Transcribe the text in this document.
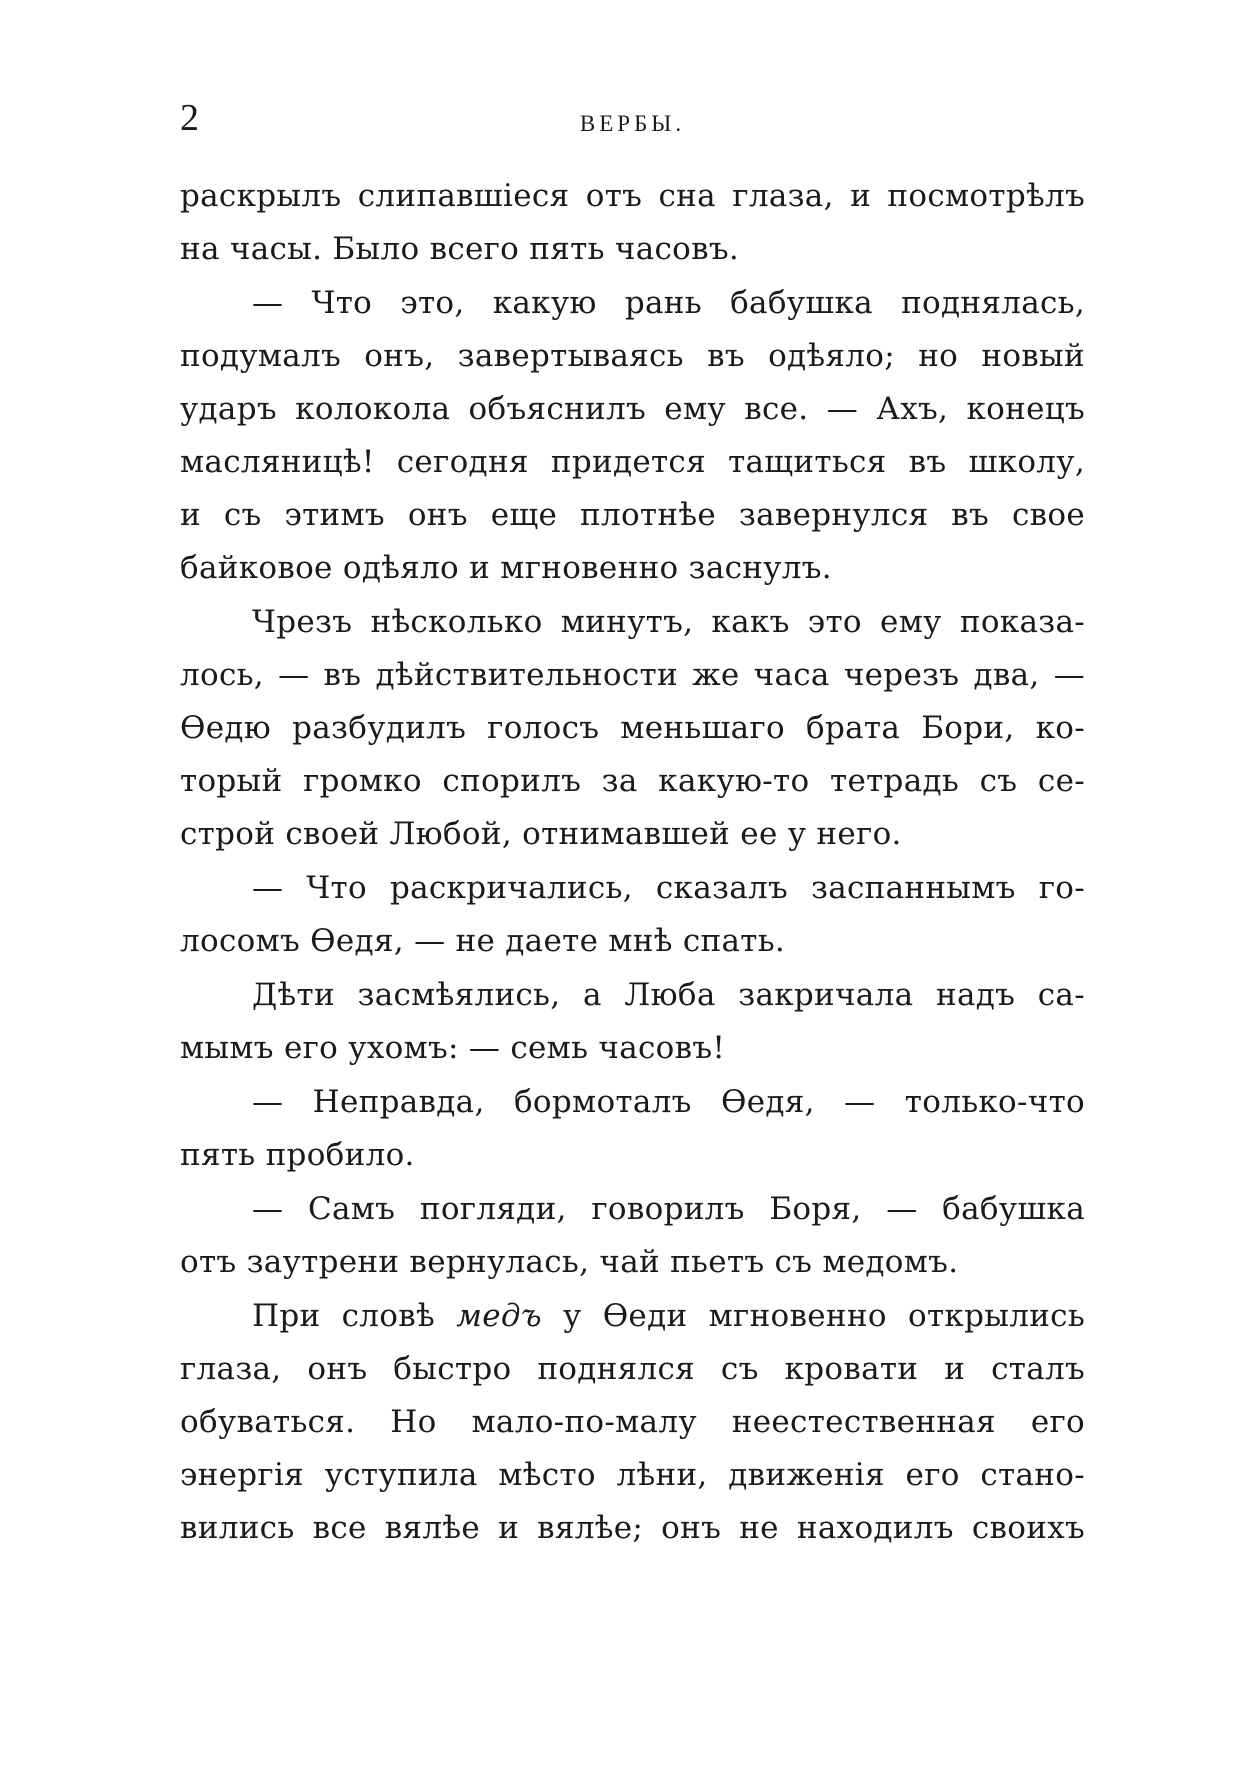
2	ВЕРБЫ.

раскрылъ слипавшіеся отъ сна глаза, и посмотрѣлъ
на часы. Было всего пять часовъ.

— Что это, какую рань бабушка поднялась,
подумалъ онъ, завертываясь въ одѣяло; но новый
ударъ колокола объяснилъ ему все. — Ахъ, конецъ
масляницѣ! сегодня придется тащиться въ школу,
и съ этимъ онъ еще плотнѣе завернулся въ свое
байковое одѣяло и мгновенно заснулъ.

Чрезъ нѣсколько минутъ, какъ это ему показа-
лось, — въ дѣйствительности же часа черезъ два, —
Ѳедю разбудилъ голосъ меньшаго брата Бори, ко-
торый громко спорилъ за какую-то тетрадь съ се-
строй своей Любой, отнимавшей ее у него.

— Что раскричались, сказалъ заспаннымъ го-
лосомъ Ѳедя, — не даете мнѣ спать.

Дѣти засмѣялись, а Люба закричала надъ са-
мымъ его ухомъ: — семь часовъ!

— Неправда, бормоталъ Ѳедя, — только-что
пять пробило.

— Самъ погляди, говорилъ Боря, — бабушка
отъ заутрени вернулась, чай пьетъ съ медомъ.

При словѣ медъ у Ѳеди мгновенно открылись
глаза, онъ быстро поднялся съ кровати и сталъ
обуваться. Но мало-по-малу неестественная его
энергія уступила мѣсто лѣни, движенія его стано-
вились все вялѣе и вялѣе; онъ не находилъ своихъ
